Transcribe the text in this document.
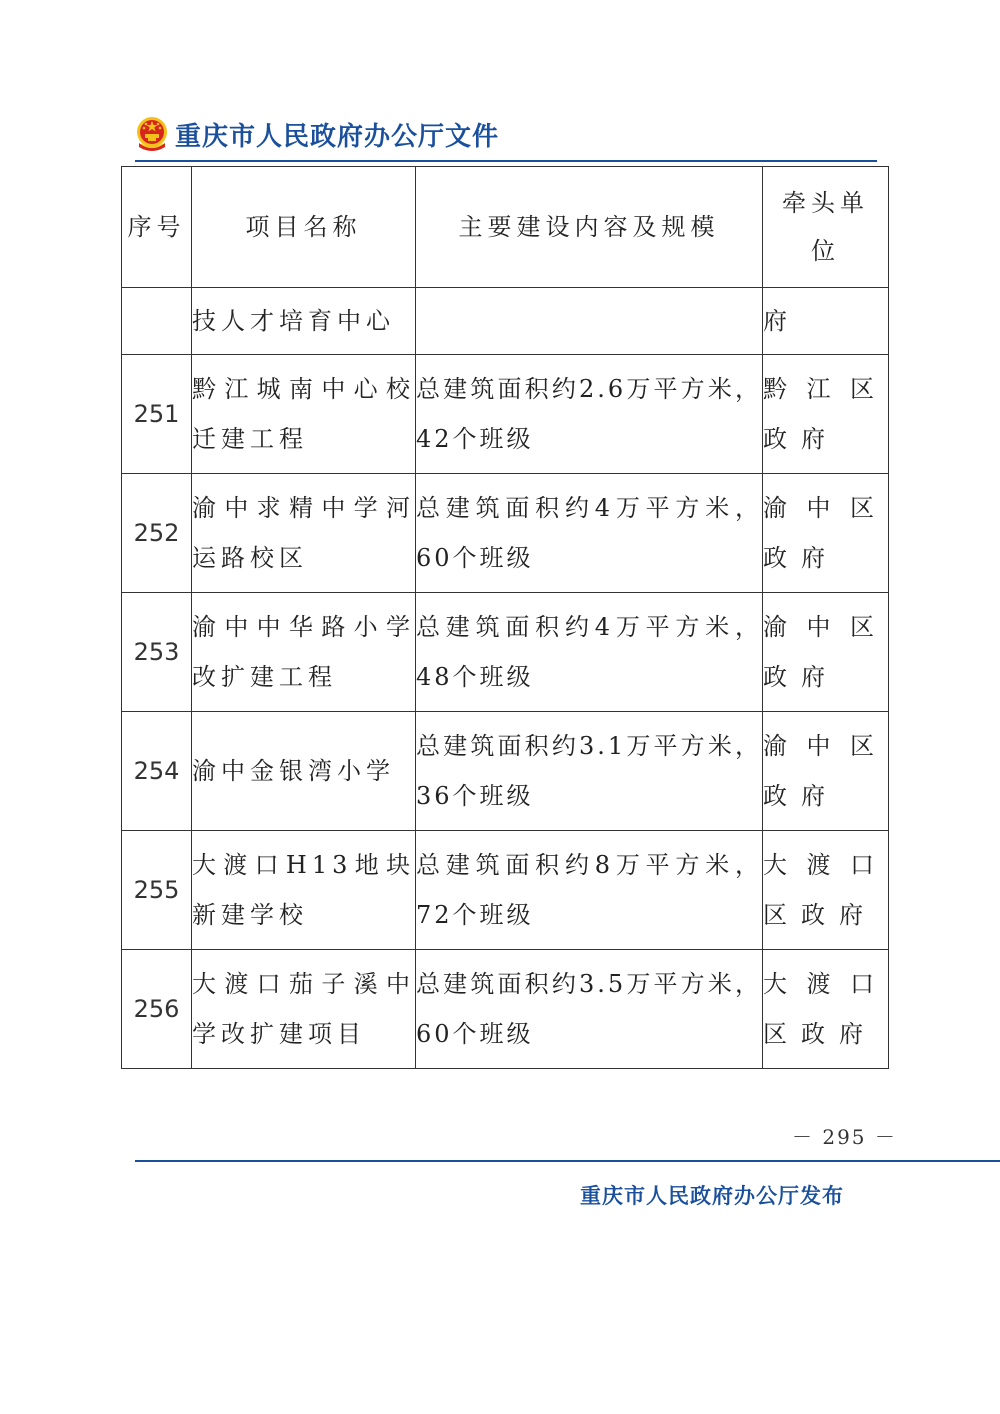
重庆市人民政府办公厅文件
序号	项目名称	主要建设内容及规模	牵头单位
	技人才培育中心		府
251	黔江城南中心校迁建工程	总建筑面积约2.6万平方米，42个班级	黔江区政府
252	渝中求精中学河运路校区	总建筑面积约4万平方米，60个班级	渝中区政府
253	渝中中华路小学改扩建工程	总建筑面积约4万平方米，48个班级	渝中区政府
254	渝中金银湾小学	总建筑面积约3.1万平方米，36个班级	渝中区政府
255	大渡口H13地块新建学校	总建筑面积约8万平方米，72个班级	大渡口区政府
256	大渡口茄子溪中学改扩建项目	总建筑面积约3.5万平方米，60个班级	大渡口区政府
－ 295 －
重庆市人民政府办公厅发布
